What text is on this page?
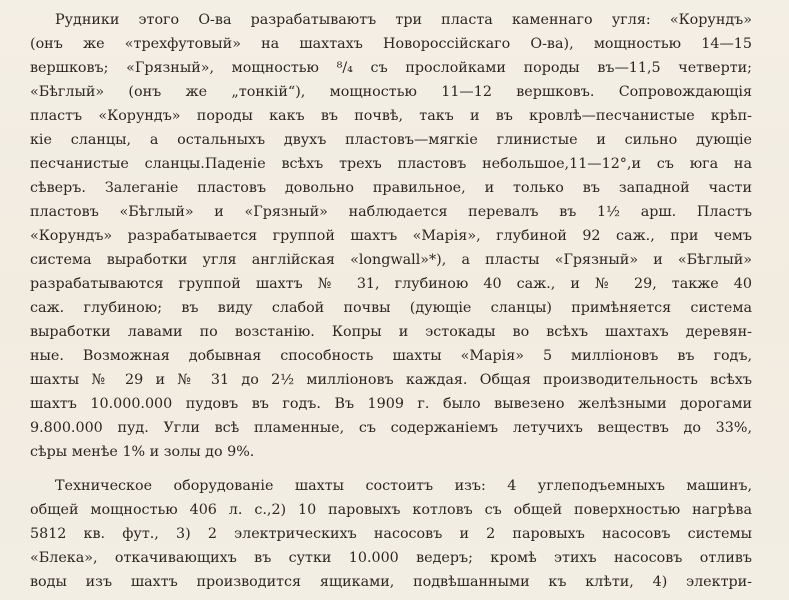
Рудники этого О-ва разрабатываютъ три пласта каменнаго угля: «Корундъ»
(онъ же «трехфутовый» на шахтахъ Новороссійскаго О-ва), мощностью 14—15
вершковъ; «Грязный», мощностью ⁸/₄ съ прослойками породы въ—11,5 четверти;
«Бѣглый» (онъ же „тонкій“), мощностью 11—12 вершковъ. Сопровождающія
пластъ «Корундъ» породы какъ въ почвѣ, такъ и въ кровлѣ—песчанистые крѣп-
кіе сланцы, а остальныхъ двухъ пластовъ—мягкіе глинистые и сильно дующіе
песчанистые сланцы.Паденіе всѣхъ трехъ пластовъ небольшое,11—12°,и съ юга на
сѣверъ. Залеганіе пластовъ довольно правильное, и только въ западной части
пластовъ «Бѣглый» и «Грязный» наблюдается перевалъ въ 1½ арш. Пластъ
«Корундъ» разрабатывается группой шахтъ «Марія», глубиной 92 саж., при чемъ
система выработки угля англійская «longwall»*), а пласты «Грязный» и «Бѣглый»
разрабатываются группой шахтъ № 31, глубиною 40 саж., и № 29, также 40
саж. глубиною; въ виду слабой почвы (дующіе сланцы) примѣняется система
выработки лавами по возстанію. Копры и эстокады во всѣхъ шахтахъ деревян-
ные. Возможная добывная способность шахты «Марія» 5 милліоновъ въ годъ,
шахты № 29 и № 31 до 2½ милліоновъ каждая. Общая производительность всѣхъ
шахтъ 10.000.000 пудовъ въ годъ. Въ 1909 г. было вывезено желѣзными дорогами
9.800.000 пуд. Угли всѣ пламенные, съ содержаніемъ летучихъ веществъ до 33%,
сѣры менѣе 1% и золы до 9%.
Техническое оборудованіе шахты состоитъ изъ: 4 углеподъемныхъ машинъ,
общей мощностью 406 л. с.,2) 10 паровыхъ котловъ съ общей поверхностью нагрѣва
5812 кв. фут., 3) 2 электрическихъ насосовъ и 2 паровыхъ насосовъ системы
«Блека», откачивающихъ въ сутки 10.000 ведеръ; кромѣ этихъ насосовъ отливъ
воды изъ шахтъ производится ящиками, подвѣшанными къ клѣти, 4) электри-
